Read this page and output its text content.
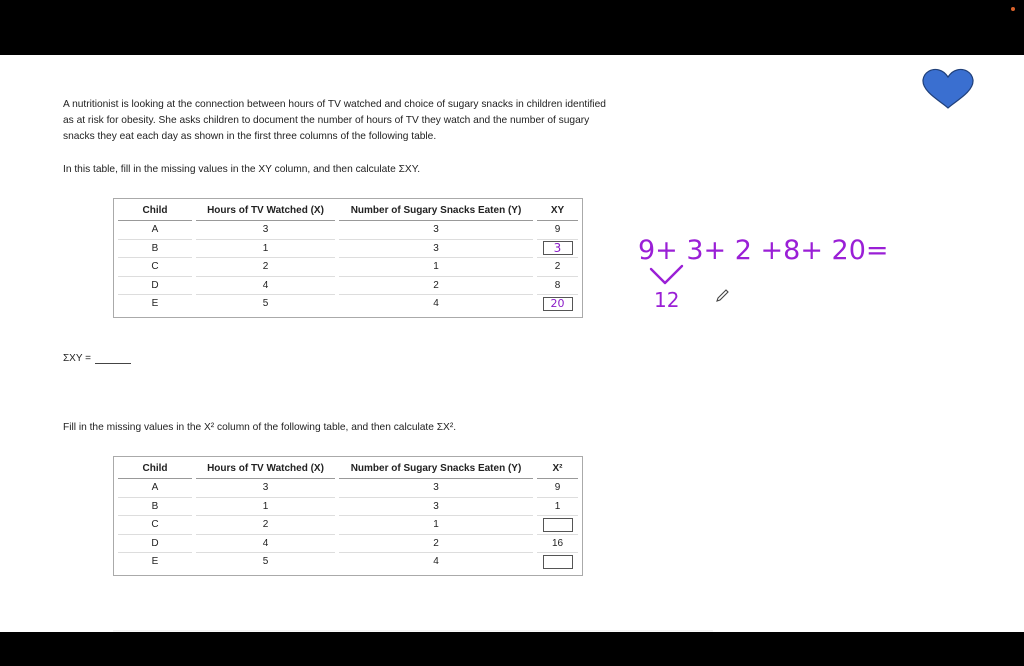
A nutritionist is looking at the connection between hours of TV watched and choice of sugary snacks in children identified as at risk for obesity. She asks children to document the number of hours of TV they watch and the number of sugary snacks they eat each day as shown in the first three columns of the following table.

In this table, fill in the missing values in the XY column, and then calculate ΣXY.

Child	Hours of TV Watched (X)	Number of Sugary Snacks Eaten (Y)	XY
A	3	3	9
B	1	3	3
C	2	1	2
D	4	2	8
E	5	4	20
ΣXY =

Fill in the missing values in the X² column of the following table, and then calculate ΣX².

Child	Hours of TV Watched (X)	Number of Sugary Snacks Eaten (Y)	X²
A	3	3	9
B	1	3	1
C	2	1	
D	4	2	16
E	5	4	
9+ 3+ 2 +8+ 20=
12
